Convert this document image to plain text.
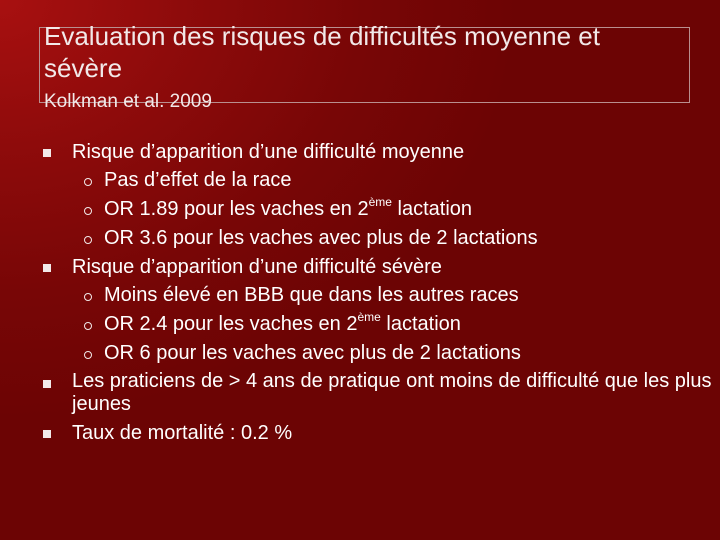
Evaluation des risques de difficultés moyenne et sévère
Kolkman et al. 2009
Risque d’apparition d’une difficulté moyenne
Pas d’effet de la race
OR 1.89 pour les vaches en 2ème lactation
OR 3.6 pour les vaches avec plus de 2 lactations
Risque d’apparition d’une difficulté sévère
Moins élevé en BBB que dans les autres races
OR 2.4 pour les vaches en 2ème lactation
OR 6 pour les vaches avec plus de 2 lactations
Les praticiens de > 4 ans de pratique ont moins de difficulté que les plus jeunes
Taux de mortalité : 0.2 %
